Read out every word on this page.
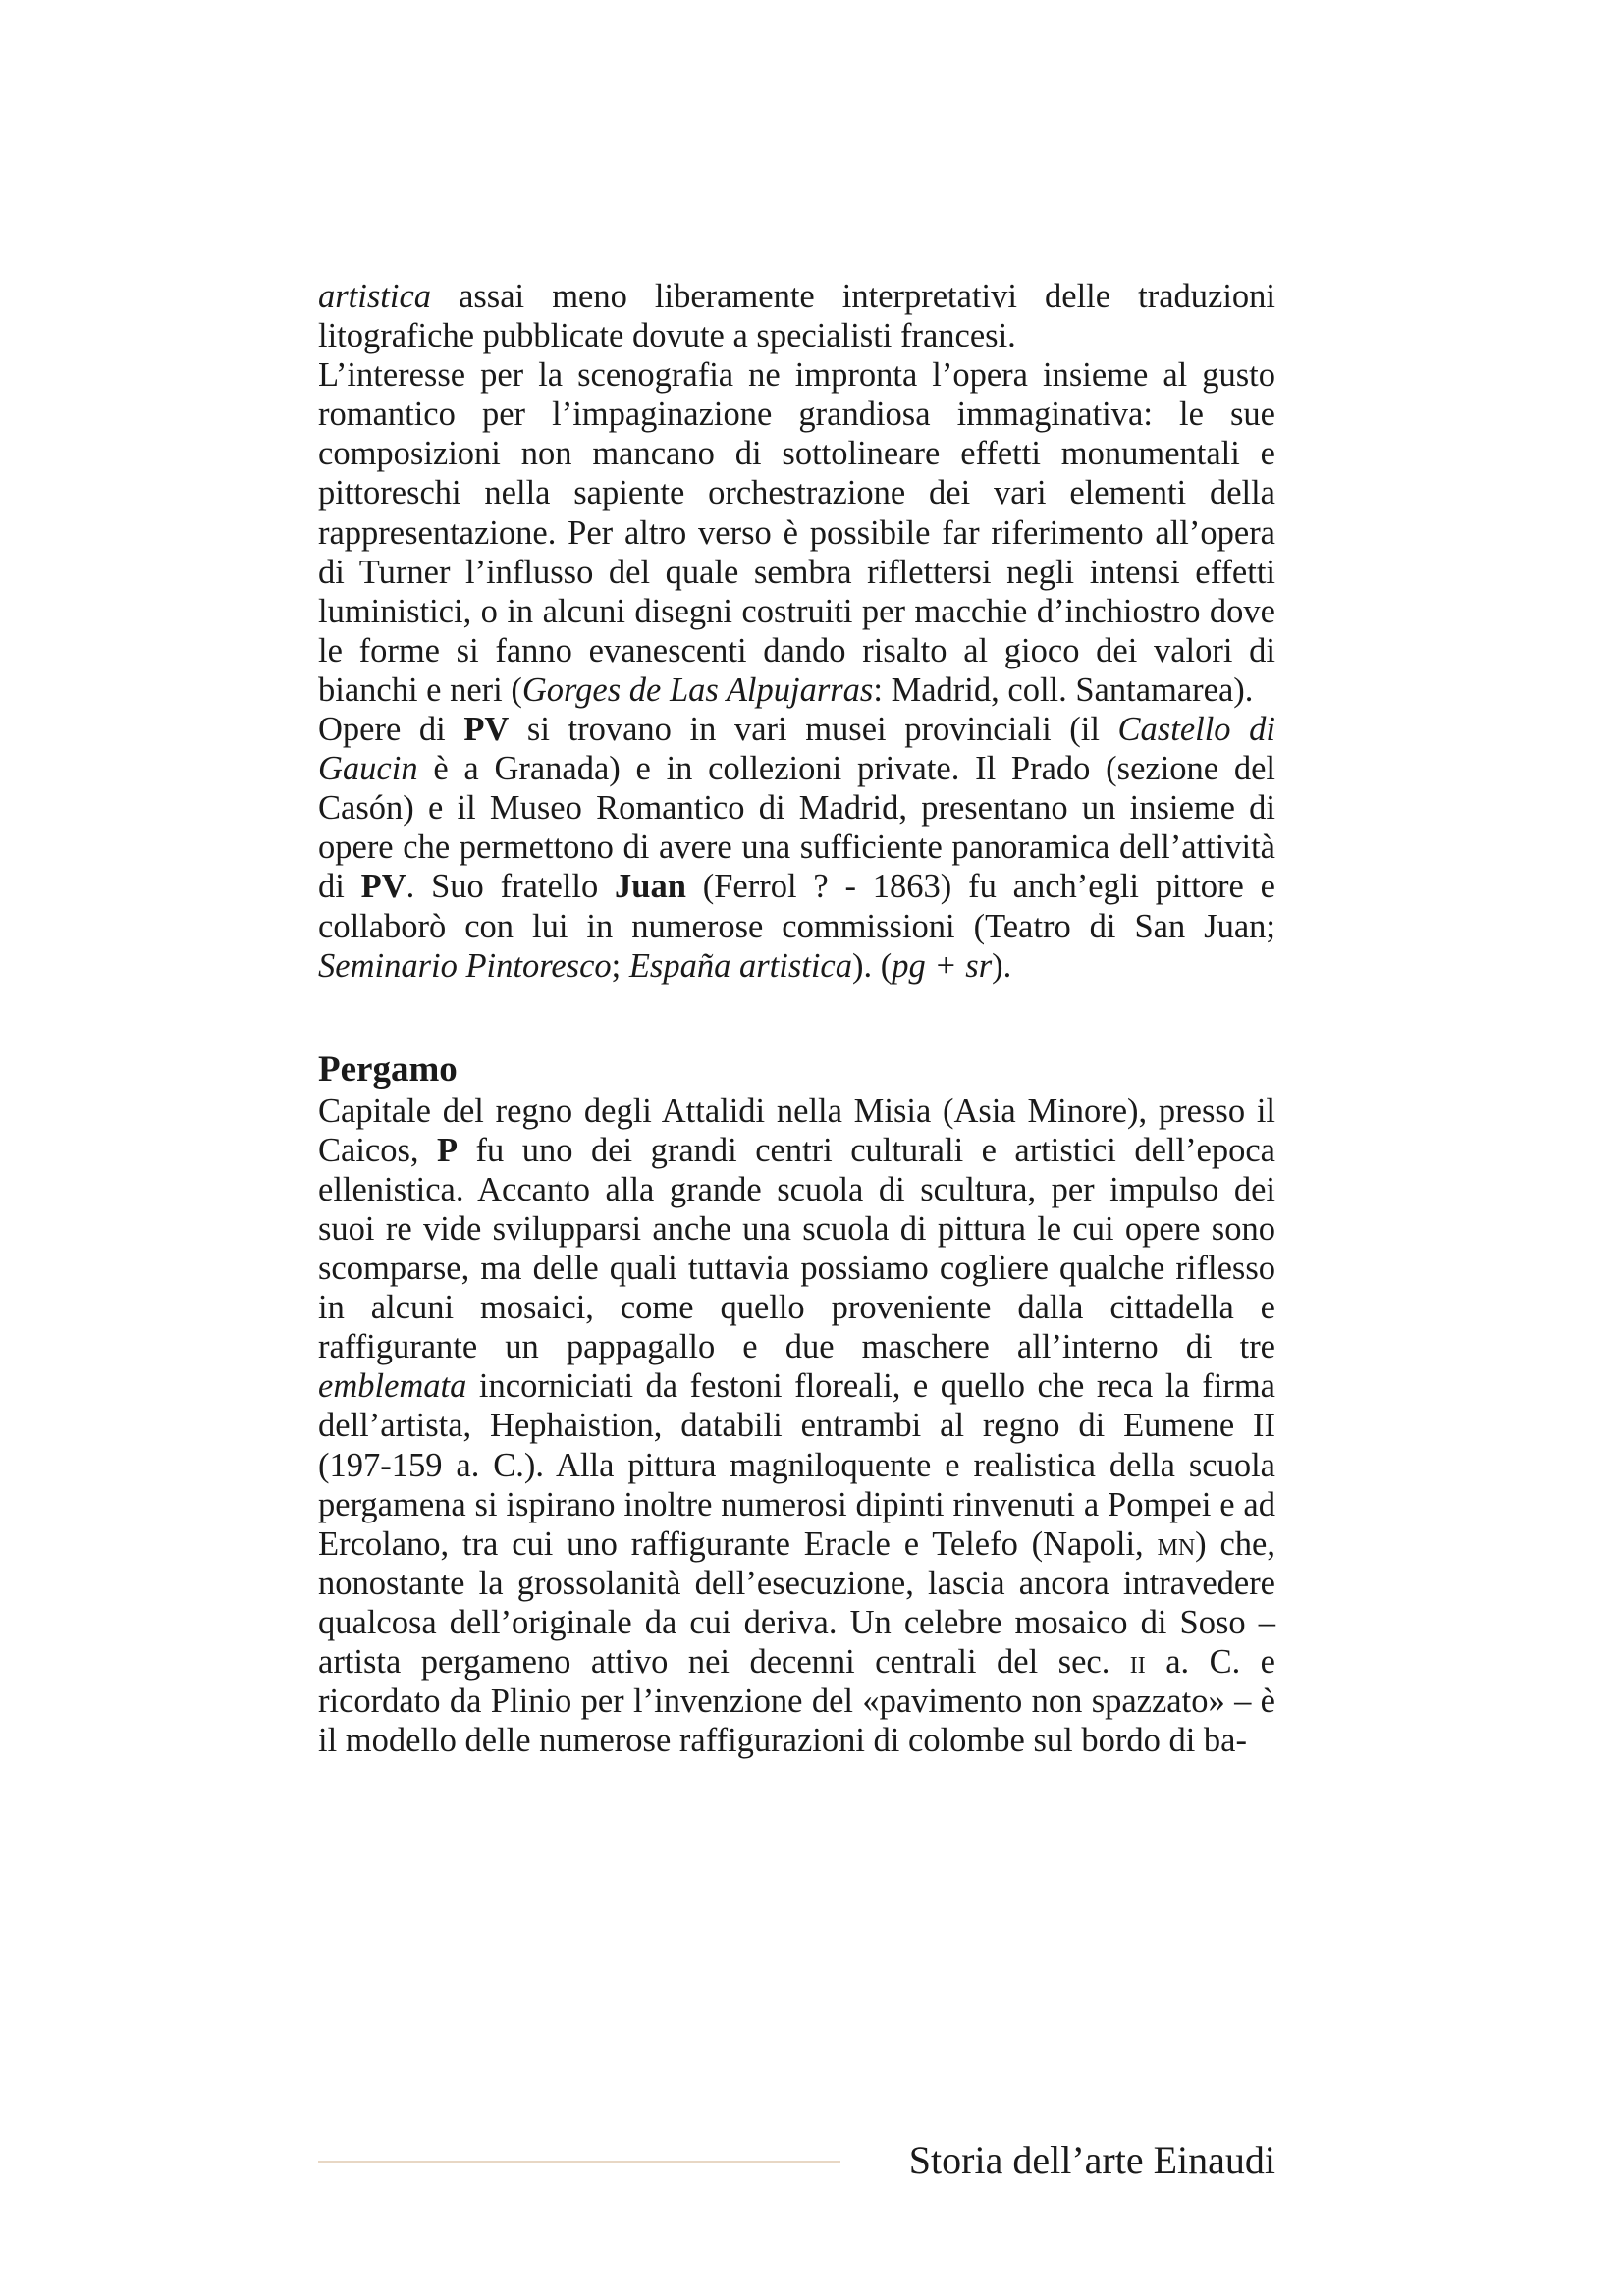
artistica assai meno liberamente interpretativi delle traduzioni litografiche pubblicate dovute a specialisti francesi.

L’interesse per la scenografia ne impronta l’opera insieme al gusto romantico per l’impaginazione grandiosa immaginativa: le sue composizioni non mancano di sottolineare effetti monumentali e pittoreschi nella sapiente orchestrazione dei vari elementi della rappresentazione. Per altro verso è possibile far riferimento all’opera di Turner l’influsso del quale sembra riflettersi negli intensi effetti luministici, o in alcuni disegni costruiti per macchie d’inchiostro dove le forme si fanno evanescenti dando risalto al gioco dei valori di bianchi e neri (Gorges de Las Alpujarras: Madrid, coll. Santamarea).

Opere di PV si trovano in vari musei provinciali (il Castello di Gaucin è a Granada) e in collezioni private. Il Prado (sezione del Casón) e il Museo Romantico di Madrid, presentano un insieme di opere che permettono di avere una sufficiente panoramica dell’attività di PV. Suo fratello Juan (Ferrol ? - 1863) fu anch’egli pittore e collaborò con lui in numerose commissioni (Teatro di San Juan; Seminario Pintoresco; España artistica). (pg + sr).

Pergamo

Capitale del regno degli Attalidi nella Misia (Asia Minore), presso il Caicos, P fu uno dei grandi centri culturali e artistici dell’epoca ellenistica. Accanto alla grande scuola di scultura, per impulso dei suoi re vide svilupparsi anche una scuola di pittura le cui opere sono scomparse, ma delle quali tuttavia possiamo cogliere qualche riflesso in alcuni mosaici, come quello proveniente dalla cittadella e raffigurante un pappagallo e due maschere all’interno di tre emblemata incorniciati da festoni floreali, e quello che reca la firma dell’artista, Hephaistion, databili entrambi al regno di Eumene II (197-159 a. C.). Alla pittura magniloquente e realistica della scuola pergamena si ispirano inoltre numerosi dipinti rinvenuti a Pompei e ad Ercolano, tra cui uno raffigurante Eracle e Telefo (Napoli, mn) che, nonostante la grossolanità dell’esecuzione, lascia ancora intravedere qualcosa dell’originale da cui deriva. Un celebre mosaico di Soso – artista pergameno attivo nei decenni centrali del sec. ii a. C. e ricordato da Plinio per l’invenzione del «pavimento non spazzato» – è il modello delle numerose raffigurazioni di colombe sul bordo di ba-

Storia dell’arte Einaudi
